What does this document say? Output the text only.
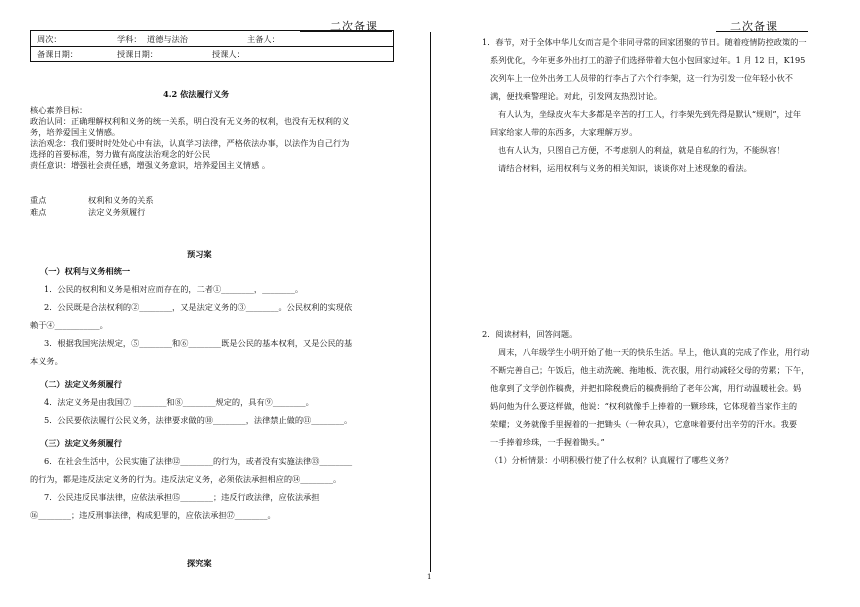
二次备课
周次：	学科： 道德与法治	主备人：
备课日期：	授课日期：	授课人：
4.2 依法履行义务
核心素养目标：
政治认同：正确理解权利和义务的统一关系，明白没有无义务的权利，也没有无权利的义
务，培养爱国主义情感。
法治观念：我们要时时处处心中有法，认真学习法律，严格依法办事，以法作为自己行为
选择的首要标准，努力做有高度法治观念的好公民
责任意识：增强社会责任感，增强义务意识，培养爱国主义情感 。
重点	权利和义务的关系
难点	法定义务须履行
预习案
（一）权利与义务相统一
1．公民的权利和义务是相对应而存在的，二者①________，________。
2．公民既是合法权利的②________，又是法定义务的③________。公民权利的实现依
赖于④___________。
3．根据我国宪法规定，⑤________和⑥________既是公民的基本权利，又是公民的基
本义务。
（二）法定义务须履行
4．法定义务是由我国⑦ ________和⑧________规定的，具有⑨________。
5．公民要依法履行公民义务，法律要求做的⑩________，法律禁止做的⑪________。
（三）法定义务须履行
6．在社会生活中，公民实施了法律⑫________的行为，或者没有实施法律⑬________
的行为，都是违反法定义务的行为。违反法定义务，必须依法承担相应的⑭________。
7．公民违反民事法律，应依法承担⑮________；违反行政法律，应依法承担
⑯________；违反刑事法律，构成犯罪的，应依法承担⑰________。
探究案
1
二次备课
1．春节，对于全体中华儿女而言是个非同寻常的回家团聚的节日。随着疫情防控政策的一
系列优化，今年更多外出打工的游子们选择带着大包小包回家过年。1 月 12 日，K195
次列车上一位外出务工人员带的行李占了六个行李架，这一行为引发一位年轻小伙不
满，便找乘警理论。对此，引发网友热烈讨论。
有人认为，坐绿皮火车大多都是辛苦的打工人，行李架先到先得是默认“规则”，过年
回家给家人带的东西多，大家理解万岁。
也有人认为，只图自己方便，不考虑别人的利益，就是自私的行为，不能纵容！
请结合材料，运用权利与义务的相关知识，谈谈你对上述现象的看法。
2．阅读材料，回答问题。
周末，八年级学生小明开始了他一天的快乐生活。早上，他认真的完成了作业，用行动
不断完善自己；午饭后，他主动洗碗、拖地板、洗衣服，用行动减轻父母的劳累；下午，
他拿到了文学创作稿费，并把扣除税费后的稿费捐给了老年公寓，用行动温暖社会。妈
妈问他为什么要这样做，他说：“权利就像手上捧着的一颗珍珠，它体现着当家作主的
荣耀；义务就像手里握着的一把锄头（一种农具），它意味着要付出辛劳的汗水。我要
一手捧着珍珠，一手握着锄头。”
（1）分析情景：小明积极行使了什么权利？认真履行了哪些义务？
